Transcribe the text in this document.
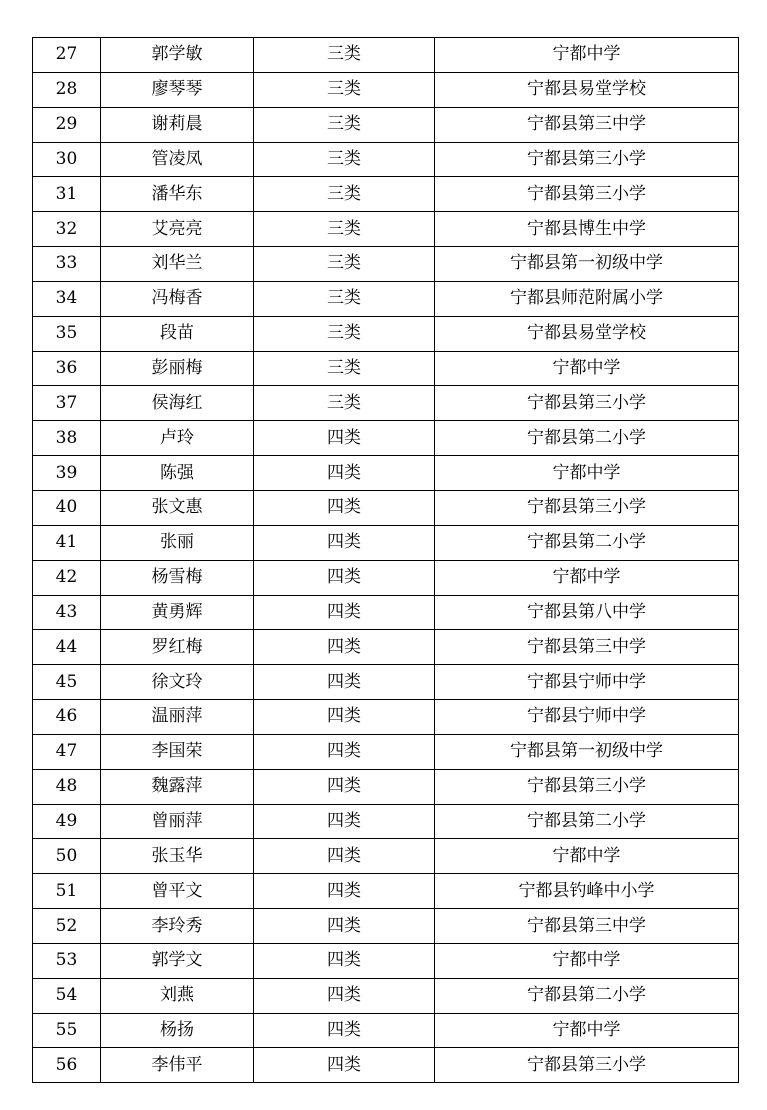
27	郭学敏	三类	宁都中学
28	廖琴琴	三类	宁都县易堂学校
29	谢莉晨	三类	宁都县第三中学
30	管凌凤	三类	宁都县第三小学
31	潘华东	三类	宁都县第三小学
32	艾亮亮	三类	宁都县博生中学
33	刘华兰	三类	宁都县第一初级中学
34	冯梅香	三类	宁都县师范附属小学
35	段苗	三类	宁都县易堂学校
36	彭丽梅	三类	宁都中学
37	侯海红	三类	宁都县第三小学
38	卢玲	四类	宁都县第二小学
39	陈强	四类	宁都中学
40	张文惠	四类	宁都县第三小学
41	张丽	四类	宁都县第二小学
42	杨雪梅	四类	宁都中学
43	黄勇辉	四类	宁都县第八中学
44	罗红梅	四类	宁都县第三中学
45	徐文玲	四类	宁都县宁师中学
46	温丽萍	四类	宁都县宁师中学
47	李国荣	四类	宁都县第一初级中学
48	魏露萍	四类	宁都县第三小学
49	曾丽萍	四类	宁都县第二小学
50	张玉华	四类	宁都中学
51	曾平文	四类	宁都县钓峰中小学
52	李玲秀	四类	宁都县第三中学
53	郭学文	四类	宁都中学
54	刘燕	四类	宁都县第二小学
55	杨扬	四类	宁都中学
56	李伟平	四类	宁都县第三小学
